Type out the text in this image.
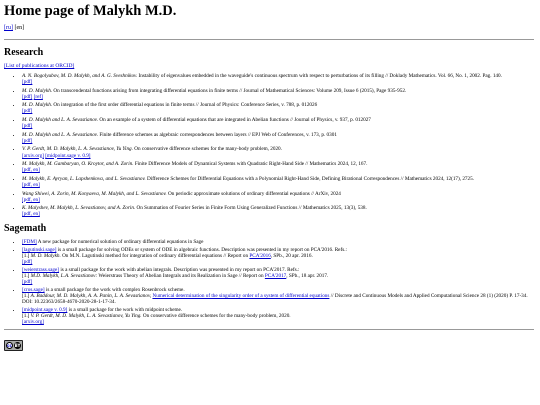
Home page of Malykh M.D.
[ru] [en]
Research
[List of publications at ORCID]
• A. N. Bogolyubov, M. D. Malykh, and A. G. Sveshnikov. Instability of eigenvalues embedded in the waveguide's continuous spectrum with respect to perturbations of its filling // Doklady Mathematics. Vol. 66, No. 1, 2002. Pag. 140.
[pdf]
• M. D. Malykh. On transcendental functions arising from integrating differential equations in finite terms // Journal of Mathematical Sciences: Volume 209, Issue 6 (2015), Page 935-952.
[pdf] [ref]
• M. D. Malykh. On integration of the first order differential equations in finite terms // Journal of Physics: Conference Series, v. 788, p. 012026
[pdf]
• M. D. Malykh and L. A. Sevastianov. On an example of a system of differential equations that are integrated in Abelian functions // Journal of Physics, v. 937, p. 012027
[pdf]
• M. D. Malykh and L. A. Sevastianov. Finite difference schemes as algebraic correspondences between layers // EPJ Web of Conferences, v. 173, p. 0301
[pdf]
• V. P. Gerdt, M. D. Malykh, L. A. Sevastianov, Yu Ying. On conservative difference schemes for the many-body problem, 2020.
[arxiv.org] [midpoint.sage v. 0.9]
• M. Malykh, M. Gambaryan, O. Kroytor, and A. Zorin. Finite Difference Models of Dynamical Systems with Quadratic Right-Hand Side // Mathematics 2024, 12, 167.
[pdf, en]
• M. Malykh, E. Ayryan, L. Lapshenkova, and L. Sevastianov. Difference Schemes for Differential Equations with a Polynomial Right-Hand Side, Defining Birational Correspondences // Mathematics 2024, 12(17), 2725.
[pdf, en]
• Wang Shiwei, A. Zorin, M. Konyaeva, M. Malykh, and L. Sevastianov. On periodic approximate solutions of ordinary differential equations // ArXiv, 2024
[pdf, en]
• K. Malyshev, M. Malykh, L. Sevastianov, and A. Zorin. On Summation of Fourier Series in Finite Form Using Generalized Functions // Mathematics 2025, 13(3), 538.
[pdf, en]
Sagemath
• [FDM] A new package for numerical solution of ordinary differential equations in Sage
• [lagutinski.sage] is a small package for solving ODEs or system of ODE in algebraic functions. Description was presented in my report on PCA'2016. Refs.:
[1.] M. D. Malykh. On M.N. Lagutinski method for integration of ordinary differential equations // Report on PCA'2016, SPb., 20 apr. 2016.
[pdf]
• [weierstrass.sage] is a small package for the work with abelian integrals. Description was presented in my report on PCA'2017. Refs.:
[1.] M.D. Malykh, L.A. Sevastianov: Weierstrass Theory of Abelian Integrals and its Realization in Sage // Report on PCA'2017, SPb., 18 apr. 2017.
[pdf]
• [cros.sage] is a small package for the work with complex Rosenbrock scheme.
[1.] A. Baddour, M. D. Malykh, A. A. Panin, L. A. Sevastianov, Numerical determination of the singularity order of a system of differential equations // Discrete and Continuous Models and Applied Computational Science 28 (1) (2020) P. 17-34. DOI: 10.22363/2658-4670-2020-28-1-17-34.
• [midpoint.sage v. 0.9] is a small package for the work with midpoint scheme.
[1.] V. P. Gerdt, M. D. Malykh, L. A. Sevastianov, Yu Ying. On conservative difference schemes for the many-body problem, 2020.
[arxiv.org]
cc BY
